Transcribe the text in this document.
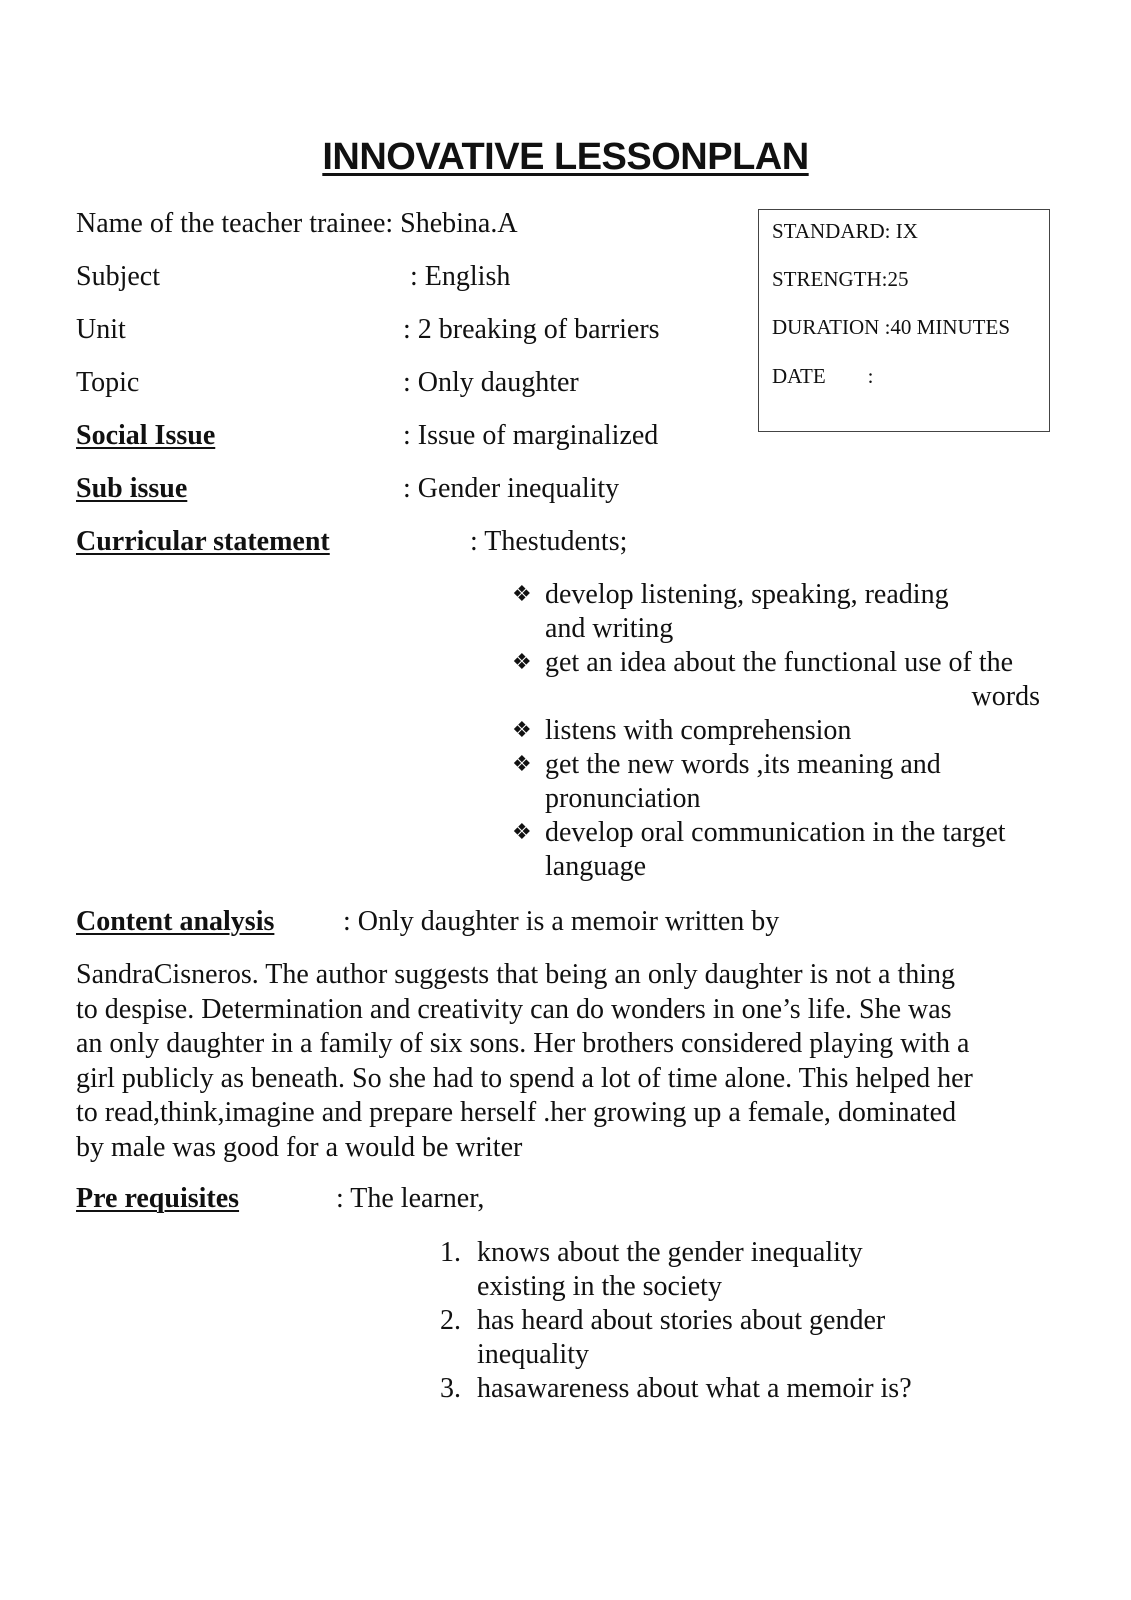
INNOVATIVE LESSONPLAN
Name of the teacher trainee: Shebina.A
Subject	: English
Unit	: 2 breaking of barriers
Topic	: Only daughter
Social Issue	: Issue of marginalized
Sub issue	: Gender inequality
Curricular statement	: Thestudents;
STANDARD: IX
STRENGTH:25
DURATION :40 MINUTES
DATE        :
❖ develop listening, speaking, reading
and writing
❖ get an idea about the functional use of the
words
❖ listens with comprehension
❖ get the new words ,its meaning and
pronunciation
❖ develop oral communication in the target
language
Content analysis : Only daughter is a memoir written by
SandraCisneros. The author suggests that being an only daughter is not a thing
to despise. Determination and creativity can do wonders in one’s life. She was
an only daughter in a family of six sons. Her brothers considered playing with a
girl publicly as beneath. So she had to spend a lot of time alone. This helped her
to read,think,imagine and prepare herself .her growing up a female, dominated
by male was good for a would be writer
Pre requisites	: The learner,
1. knows about the gender inequality
existing in the society
2. has heard about stories about gender
inequality
3. hasawareness about what a memoir is?
